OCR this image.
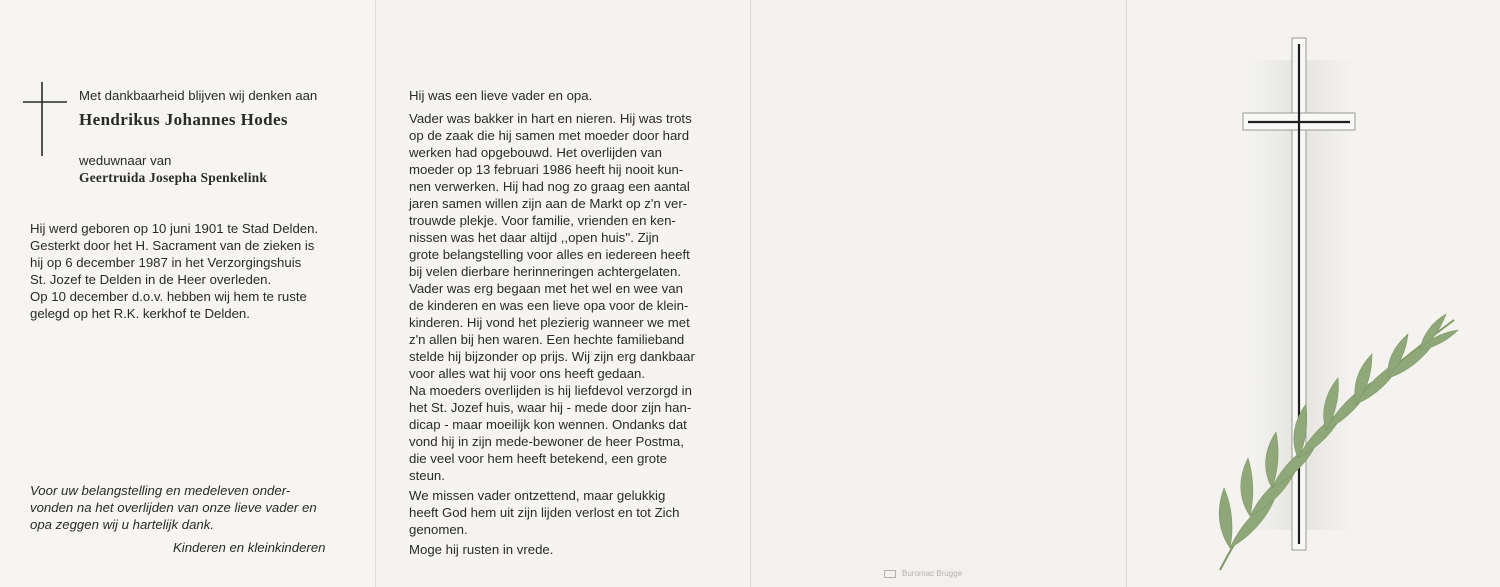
Met dankbaarheid blijven wij denken aan
Hendrikus Johannes Hodes
weduwnaar van
Geertruida Josepha Spenkelink
Hij werd geboren op 10 juni 1901 te Stad Delden.
Gesterkt door het H. Sacrament van de zieken is
hij op 6 december 1987 in het Verzorgingshuis
St. Jozef te Delden in de Heer overleden.
Op 10 december d.o.v. hebben wij hem te ruste
gelegd op het R.K. kerkhof te Delden.
Voor uw belangstelling en medeleven onder-
vonden na het overlijden van onze lieve vader en
opa zeggen wij u hartelijk dank.
Kinderen en kleinkinderen
Hij was een lieve vader en opa.
Vader was bakker in hart en nieren. Hij was trots
op de zaak die hij samen met moeder door hard
werken had opgebouwd. Het overlijden van
moeder op 13 februari 1986 heeft hij nooit kun-
nen verwerken. Hij had nog zo graag een aantal
jaren samen willen zijn aan de Markt op z'n ver-
trouwde plekje. Voor familie, vrienden en ken-
nissen was het daar altijd ,,open huis''. Zijn
grote belangstelling voor alles en iedereen heeft
bij velen dierbare herinneringen achtergelaten.
Vader was erg begaan met het wel en wee van
de kinderen en was een lieve opa voor de klein-
kinderen. Hij vond het plezierig wanneer we met
z'n allen bij hen waren. Een hechte familieband
stelde hij bijzonder op prijs. Wij zijn erg dankbaar
voor alles wat hij voor ons heeft gedaan.
Na moeders overlijden is hij liefdevol verzorgd in
het St. Jozef huis, waar hij - mede door zijn han-
dicap - maar moeilijk kon wennen. Ondanks dat
vond hij in zijn mede-bewoner de heer Postma,
die veel voor hem heeft betekend, een grote
steun.
We missen vader ontzettend, maar gelukkig
heeft God hem uit zijn lijden verlost en tot Zich
genomen.
Moge hij rusten in vrede.
Buromac Brugge
